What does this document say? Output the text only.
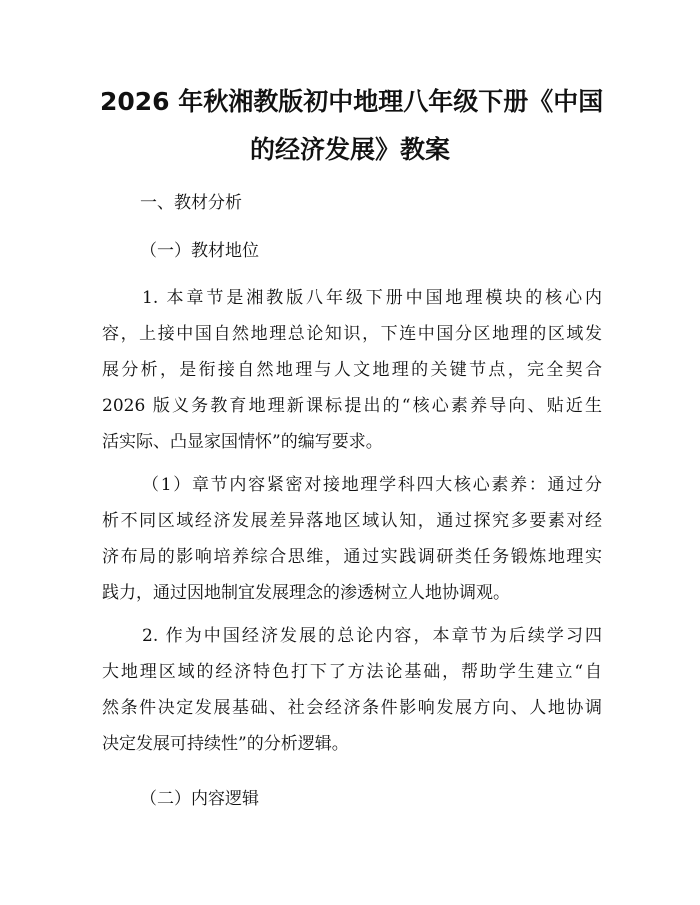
2026 年秋湘教版初中地理八年级下册《中国
的经济发展》教案

一、教材分析

（一）教材地位

1. 本章节是湘教版八年级下册中国地理模块的核心内
容，上接中国自然地理总论知识，下连中国分区地理的区域发
展分析，是衔接自然地理与人文地理的关键节点，完全契合
2026 版义务教育地理新课标提出的“核心素养导向、贴近生
活实际、凸显家国情怀”的编写要求。
（1）章节内容紧密对接地理学科四大核心素养：通过分
析不同区域经济发展差异落地区域认知，通过探究多要素对经
济布局的影响培养综合思维，通过实践调研类任务锻炼地理实
践力，通过因地制宜发展理念的渗透树立人地协调观。
2. 作为中国经济发展的总论内容，本章节为后续学习四
大地理区域的经济特色打下了方法论基础，帮助学生建立“自
然条件决定发展基础、社会经济条件影响发展方向、人地协调
决定发展可持续性”的分析逻辑。

（二）内容逻辑
